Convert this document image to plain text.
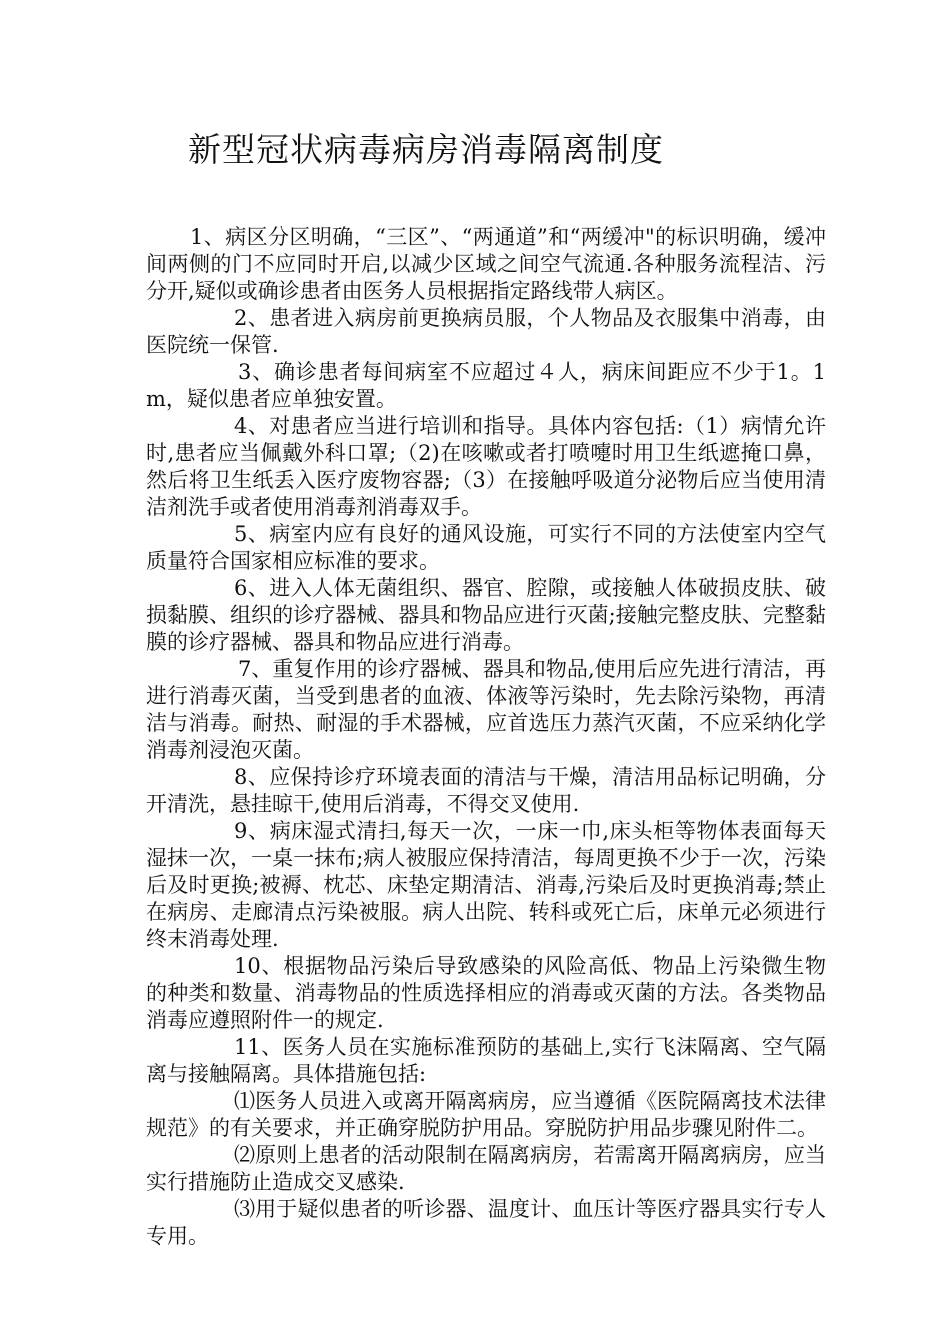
新型冠状病毒病房消毒隔离制度

1、病区分区明确，“三区”、“两通道”和“两缓冲"的标识明确，缓冲间两侧的门不应同时开启,以减少区域之间空气流通.各种服务流程洁、污分开,疑似或确诊患者由医务人员根据指定路线带人病区。

2、患者进入病房前更换病员服，个人物品及衣服集中消毒，由医院统一保管.

3、确诊患者每间病室不应超过４人，病床间距应不少于1。1m，疑似患者应单独安置。

4、对患者应当进行培训和指导。具体内容包括:（1）病情允许时,患者应当佩戴外科口罩;（2)在咳嗽或者打喷嚏时用卫生纸遮掩口鼻，然后将卫生纸丢入医疗废物容器;（3）在接触呼吸道分泌物后应当使用清洁剂洗手或者使用消毒剂消毒双手。

5、病室内应有良好的通风设施，可实行不同的方法使室内空气质量符合国家相应标准的要求。

6、进入人体无菌组织、器官、腔隙，或接触人体破损皮肤、破损黏膜、组织的诊疗器械、器具和物品应进行灭菌;接触完整皮肤、完整黏膜的诊疗器械、器具和物品应进行消毒。

7、重复作用的诊疗器械、器具和物品,使用后应先进行清洁，再进行消毒灭菌，当受到患者的血液、体液等污染时，先去除污染物，再清洁与消毒。耐热、耐湿的手术器械，应首选压力蒸汽灭菌，不应采纳化学消毒剂浸泡灭菌。

8、应保持诊疗环境表面的清洁与干燥，清洁用品标记明确，分开清洗，悬挂晾干,使用后消毒，不得交叉使用.

9、病床湿式清扫,每天一次，一床一巾,床头柜等物体表面每天湿抹一次，一桌一抹布;病人被服应保持清洁，每周更换不少于一次，污染后及时更换;被褥、枕芯、床垫定期清洁、消毒,污染后及时更换消毒;禁止在病房、走廊清点污染被服。病人出院、转科或死亡后，床单元必须进行终末消毒处理.

10、根据物品污染后导致感染的风险高低、物品上污染微生物的种类和数量、消毒物品的性质选择相应的消毒或灭菌的方法。各类物品消毒应遵照附件一的规定.

11、医务人员在实施标准预防的基础上,实行飞沫隔离、空气隔离与接触隔离。具体措施包括:

⑴医务人员进入或离开隔离病房，应当遵循《医院隔离技术法律规范》的有关要求，并正确穿脱防护用品。穿脱防护用品步骤见附件二。

⑵原则上患者的活动限制在隔离病房，若需离开隔离病房，应当实行措施防止造成交叉感染.

⑶用于疑似患者的听诊器、温度计、血压计等医疗器具实行专人专用。
